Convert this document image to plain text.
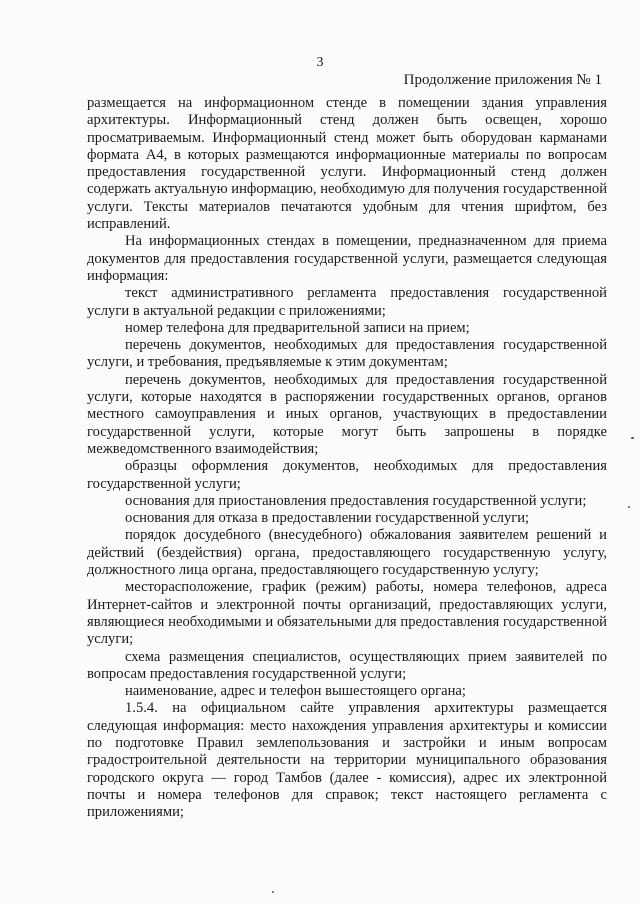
3
Продолжение приложения № 1

размещается на информационном стенде в помещении здания управления архитектуры. Информационный стенд должен быть освещен, хорошо просматриваемым. Информационный стенд может быть оборудован карманами формата А4, в которых размещаются информационные материалы по вопросам предоставления государственной услуги. Информационный стенд должен содержать актуальную информацию, необходимую для получения государственной услуги. Тексты материалов печатаются удобным для чтения шрифтом, без исправлений.

На информационных стендах в помещении, предназначенном для приема документов для предоставления государственной услуги, размещается следующая информация:

текст административного регламента предоставления государственной услуги в актуальной редакции с приложениями;

номер телефона для предварительной записи на прием;

перечень документов, необходимых для предоставления государственной услуги, и требования, предъявляемые к этим документам;

перечень документов, необходимых для предоставления государственной услуги, которые находятся в распоряжении государственных органов, органов местного самоуправления и иных органов, участвующих в предоставлении государственной услуги, которые могут быть запрошены в порядке межведомственного взаимодействия;

образцы оформления документов, необходимых для предоставления государственной услуги;

основания для приостановления предоставления государственной услуги;

основания для отказа в предоставлении государственной услуги;

порядок досудебного (внесудебного) обжалования заявителем решений и действий (бездействия) органа, предоставляющего государственную услугу, должностного лица органа, предоставляющего государственную услугу;

месторасположение, график (режим) работы, номера телефонов, адреса Интернет-сайтов и электронной почты организаций, предоставляющих услуги, являющиеся необходимыми и обязательными для предоставления государственной услуги;

схема размещения специалистов, осуществляющих прием заявителей по вопросам предоставления государственной услуги;

наименование, адрес и телефон вышестоящего органа;

1.5.4. на официальном сайте управления архитектуры размещается следующая информация: место нахождения управления архитектуры и комиссии по подготовке Правил землепользования и застройки и иным вопросам градостроительной деятельности на территории муниципального образования городского округа — город Тамбов (далее - комиссия), адрес их электронной почты и номера телефонов для справок; текст настоящего регламента с приложениями;
